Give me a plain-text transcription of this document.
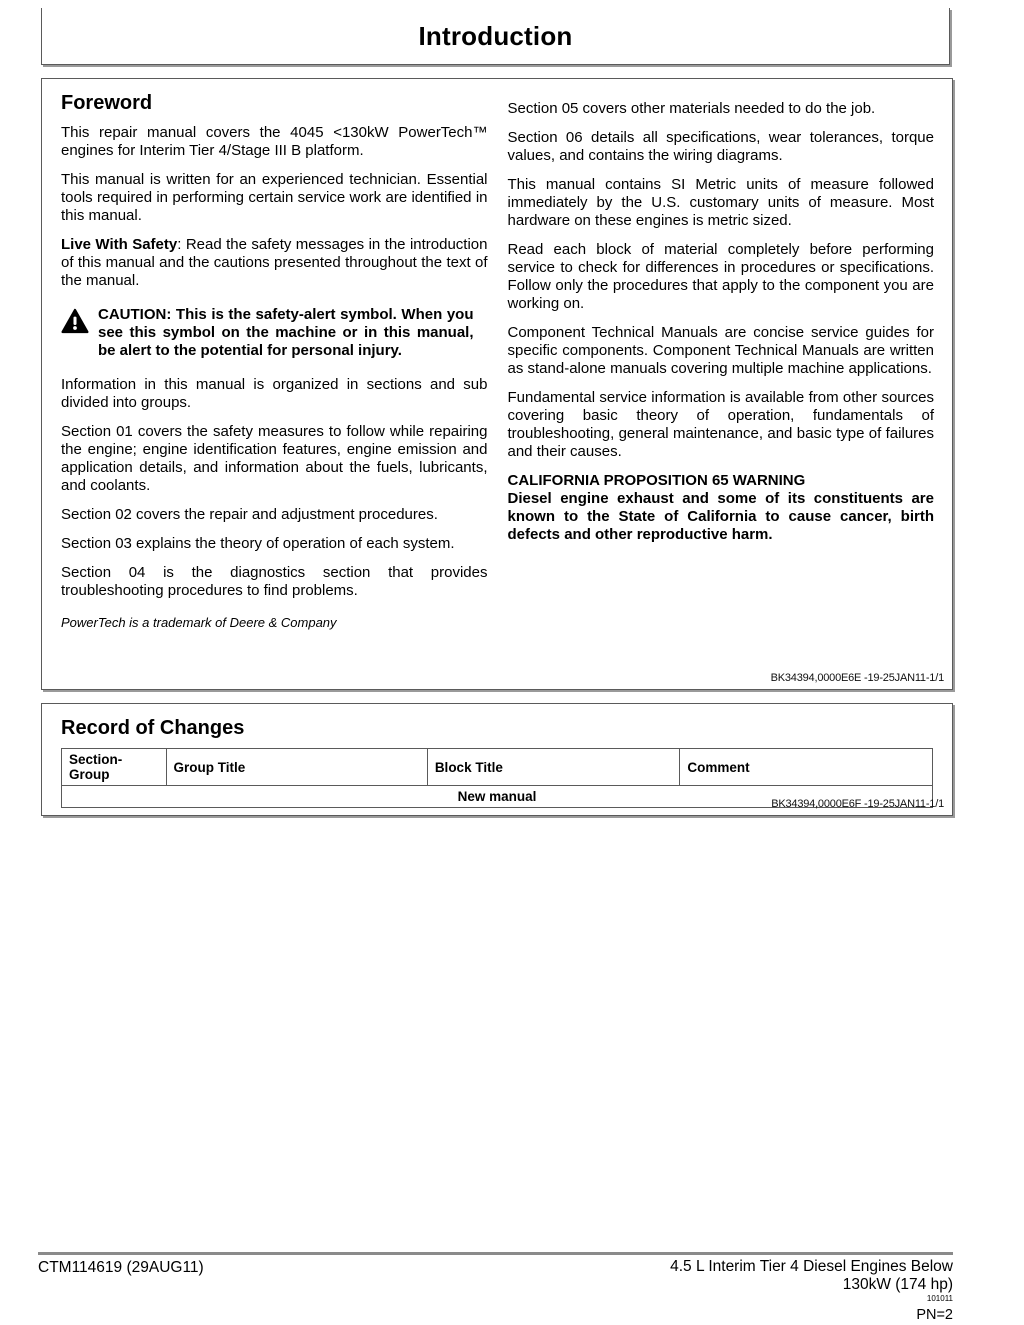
Introduction
Foreword

This repair manual covers the 4045 <130kW PowerTech™ engines for Interim Tier 4/Stage III B platform.

This manual is written for an experienced technician. Essential tools required in performing certain service work are identified in this manual.

Live With Safety: Read the safety messages in the introduction of this manual and the cautions presented throughout the text of the manual.

CAUTION: This is the safety-alert symbol. When you see this symbol on the machine or in this manual, be alert to the potential for personal injury.

Information in this manual is organized in sections and sub divided into groups.

Section 01 covers the safety measures to follow while repairing the engine; engine identification features, engine emission and application details, and information about the fuels, lubricants, and coolants.

Section 02 covers the repair and adjustment procedures.

Section 03 explains the theory of operation of each system.

Section 04 is the diagnostics section that provides troubleshooting procedures to find problems.

PowerTech is a trademark of Deere & Company

Section 05 covers other materials needed to do the job.

Section 06 details all specifications, wear tolerances, torque values, and contains the wiring diagrams.

This manual contains SI Metric units of measure followed immediately by the U.S. customary units of measure. Most hardware on these engines is metric sized.

Read each block of material completely before performing service to check for differences in procedures or specifications. Follow only the procedures that apply to the component you are working on.

Component Technical Manuals are concise service guides for specific components. Component Technical Manuals are written as stand-alone manuals covering multiple machine applications.

Fundamental service information is available from other sources covering basic theory of operation, fundamentals of troubleshooting, general maintenance, and basic type of failures and their causes.

CALIFORNIA PROPOSITION 65 WARNING
Diesel engine exhaust and some of its constituents are known to the State of California to cause cancer, birth defects and other reproductive harm.

BK34394,0000E6E -19-25JAN11-1/1
Record of Changes
Section-Group	Group Title	Block Title	Comment
New manual	BK34394,0000E6F -19-25JAN11-1/1
CTM114619 (29AUG11)	4.5 L Interim Tier 4 Diesel Engines Below
130kW (174 hp)
101011
PN=2
